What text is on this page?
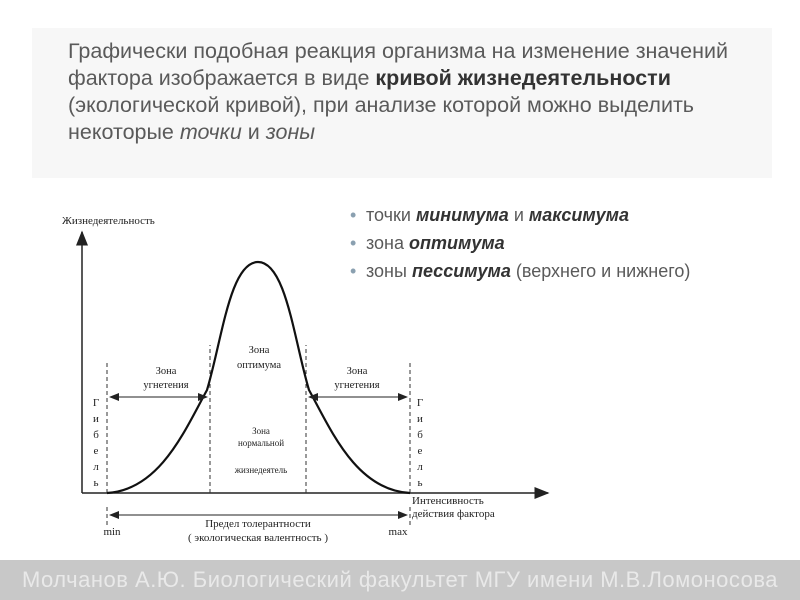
Графически подобная реакция организма на изменение значений фактора изображается в виде кривой жизнедеятельности (экологической кривой), при анализе которой можно выделить некоторые точки и зоны
• точки минимума и максимума
• зона оптимума
• зоны пессимума (верхнего и нижнего)
Жизнедеятельность
Интенсивность
действия фактора
Зона
оптимума
Зона
угнетения
Зона
угнетения
Зона
нормальной
жизнедеятель
Предел толерантности
( экологическая валентность )
min	max
Г
и
б
е
л
ь
Г
и
б
е
л
ь
Молчанов А.Ю. Биологический факультет МГУ имени М.В.Ломоносова
